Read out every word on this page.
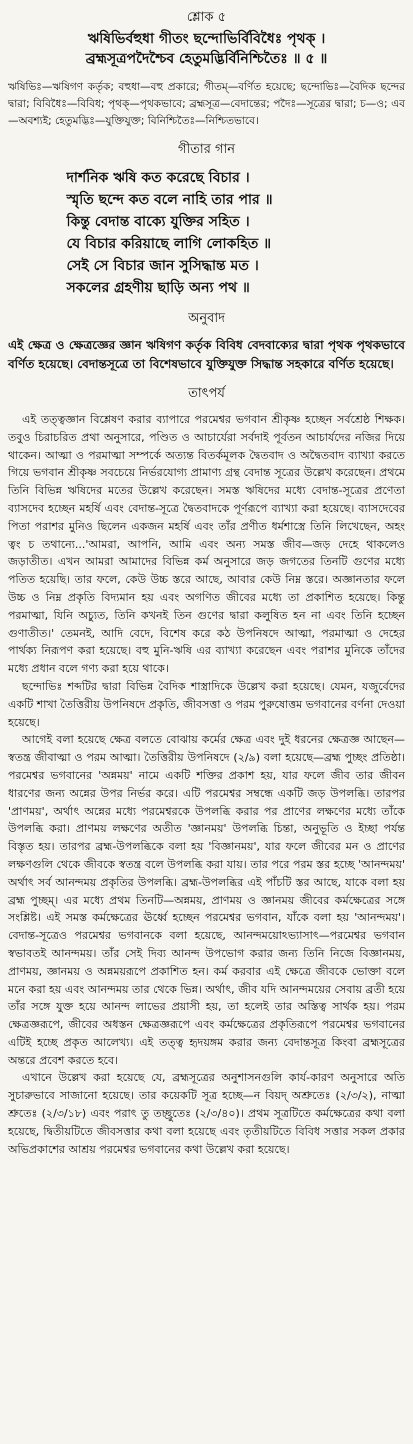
শ্লোক ৫
ঋষিভির্বহুধা গীতং ছন্দোভির্বিবিধৈঃ পৃথক্ ।
ব্রহ্মসূত্রপদৈশ্চৈব হেতুমদ্ভির্বিনিশ্চিতৈঃ ॥ ৫ ॥

ঋষিভিঃ—ঋষিগণ কর্তৃক; বহুধা—বহু প্রকারে; গীতম্—বর্ণিত হয়েছে; ছন্দোভিঃ—বৈদিক ছন্দের দ্বারা; বিবিধৈঃ—বিবিধ; পৃথক্—পৃথকভাবে; ব্রহ্মসূত্র—বেদান্তের; পদৈঃ—সূত্রের দ্বারা; চ—ও; এব—অবশ্যই; হেতুমদ্ভিঃ—যুক্তিযুক্ত; বিনিশ্চিতৈঃ—নিশ্চিতভাবে।

গীতার গান
দার্শনিক ঋষি কত করেছে বিচার ।
স্মৃতি ছন্দে কত বলে নাহি তার পার ॥
কিন্তু বেদান্ত বাক্যে যুক্তির সহিত ।
যে বিচার করিয়াছে লাগি লোকহিত ॥
সেই সে বিচার জান সুসিদ্ধান্ত মত ।
সকলের গ্রহণীয় ছাড়ি অন্য পথ ॥
অনুবাদ
এই ক্ষেত্র ও ক্ষেত্রজ্ঞের জ্ঞান ঋষিগণ কর্তৃক বিবিধ বেদবাক্যের দ্বারা পৃথক পৃথকভাবে বর্ণিত হয়েছে। বেদান্তসূত্রে তা বিশেষভাবে যুক্তিযুক্ত সিদ্ধান্ত সহকারে বর্ণিত হয়েছে।
তাৎপর্য

এই তত্ত্বজ্ঞান বিশ্লেষণ করার ব্যাপারে পরমেশ্বর ভগবান শ্রীকৃষ্ণ হচ্ছেন সর্বশ্রেষ্ঠ শিক্ষক। তবুও চিরাচরিত প্রথা অনুসারে, পণ্ডিত ও আচার্যেরা সর্বদাই পূর্বতন আচার্যদের নজির দিয়ে থাকেন। আত্মা ও পরমাত্মা সম্পর্কে অত্যন্ত বিতর্কমূলক দ্বৈতবাদ ও অদ্বৈতবাদ ব্যাখ্যা করতে গিয়ে ভগবান শ্রীকৃষ্ণ সবচেয়ে নির্ভরযোগ্য প্রামাণ্য গ্রন্থ বেদান্ত সূত্রের উল্লেখ করেছেন। প্রথমে তিনি বিভিন্ন ঋষিদের মতের উল্লেখ করেছেন। সমস্ত ঋষিদের মধ্যে বেদান্ত-সূত্রের প্রণেতা ব্যাসদেব হচ্ছেন মহর্ষি এবং বেদান্ত-সূত্রে দ্বৈতবাদকে পূর্ণরূপে ব্যাখ্যা করা হয়েছে। ব্যাসদেবের পিতা পরাশর মুনিও ছিলেন একজন মহর্ষি এবং তাঁর প্রণীত ধর্মশাস্ত্রে তিনি লিখেছেন, অহং ত্বং চ তথান্যে...'আমরা, আপনি, আমি এবং অন্য সমস্ত জীব—জড় দেহে থাকলেও জড়াতীত। এখন আমরা আমাদের বিভিন্ন কর্ম অনুসারে জড় জগতের তিনটি গুণের মধ্যে পতিত হয়েছি। তার ফলে, কেউ উচ্চ স্তরে আছে, আবার কেউ নিম্ন স্তরে। অজ্ঞানতার ফলে উচ্চ ও নিম্ন প্রকৃতি বিদ্যমান হয় এবং অগণিত জীবের মধ্যে তা প্রকাশিত হয়েছে। কিন্তু পরমাত্মা, যিনি অচ্যুত, তিনি কখনই তিন গুণের দ্বারা কলুষিত হন না এবং তিনি হচ্ছেন গুণাতীত।' তেমনই, আদি বেদে, বিশেষ করে কঠ উপনিষদে আত্মা, পরমাত্মা ও দেহের পার্থক্য নিরূপণ করা হয়েছে। বহু মুনি-ঋষি এর ব্যাখ্যা করেছেন এবং পরাশর মুনিকে তাঁদের মধ্যে প্রধান বলে গণ্য করা হয়ে থাকে।

ছন্দোভিঃ শব্দটির দ্বারা বিভিন্ন বৈদিক শাস্ত্রাদিকে উল্লেখ করা হয়েছে। যেমন, যজুর্বেদের একটি শাখা তৈত্তিরীয় উপনিষদে প্রকৃতি, জীবসত্তা ও পরম পুরুষোত্তম ভগবানের বর্ণনা দেওয়া হয়েছে।

আগেই বলা হয়েছে ক্ষেত্র বলতে বোঝায় কর্মের ক্ষেত্র এবং দুই ধরনের ক্ষেত্রজ্ঞ আছেন—স্বতন্ত্র জীবাত্মা ও পরম আত্মা। তৈত্তিরীয় উপনিষদে (২/৯) বলা হয়েছে—ব্রহ্ম পুচ্ছং প্রতিষ্ঠা। পরমেশ্বর ভগবানের 'অন্নময়' নামে একটি শক্তির প্রকাশ হয়, যার ফলে জীব তার জীবন ধারণের জন্য অন্নের উপর নির্ভর করে। এটি পরমেশ্বর সম্বন্ধে একটি জড় উপলব্ধি। তারপর 'প্রাণময়', অর্থাৎ অন্নের মধ্যে পরমেশ্বরকে উপলব্ধি করার পর প্রাণের লক্ষণের মধ্যে তাঁকে উপলব্ধি করা। প্রাণময় লক্ষণের অতীত 'জ্ঞানময়' উপলব্ধি চিন্তা, অনুভূতি ও ইচ্ছা পর্যন্ত বিস্তৃত হয়। তারপর ব্রহ্ম-উপলব্ধিকে বলা হয় 'বিজ্ঞানময়', যার ফলে জীবের মন ও প্রাণের লক্ষণগুলি থেকে জীবকে স্বতন্ত্র বলে উপলব্ধি করা যায়। তার পরে পরম স্তর হচ্ছে 'আনন্দময়' অর্থাৎ সর্ব আনন্দময় প্রকৃতির উপলব্ধি। ব্রহ্ম-উপলব্ধির এই পাঁচটি স্তর আছে, যাকে বলা হয় ব্রহ্ম পুচ্ছম্। এর মধ্যে প্রথম তিনটি—অন্নময়, প্রাণময় ও জ্ঞানময় জীবের কর্মক্ষেত্রের সঙ্গে সংশ্লিষ্ট। এই সমস্ত কর্মক্ষেত্রের ঊর্ধ্বে হচ্ছেন পরমেশ্বর ভগবান, যাঁকে বলা হয় 'আনন্দময়'। বেদান্ত-সূত্রেও পরমেশ্বর ভগবানকে বলা হয়েছে, আনন্দময়োঽভ্যাসাৎ—পরমেশ্বর ভগবান স্বভাবতই আনন্দময়। তাঁর সেই দিব্য আনন্দ উপভোগ করার জন্য তিনি নিজে বিজ্ঞানময়, প্রাণময়, জ্ঞানময় ও অন্নময়রূপে প্রকাশিত হন। কর্ম করবার এই ক্ষেত্রে জীবকে ভোক্তা বলে মনে করা হয় এবং আনন্দময় তার থেকে ভিন্ন। অর্থাৎ, জীব যদি আনন্দময়ের সেবায় ব্রতী হয়ে তাঁর সঙ্গে যুক্ত হয়ে আনন্দ লাভের প্রয়াসী হয়, তা হলেই তার অস্তিত্ব সার্থক হয়। পরম ক্ষেত্রজ্ঞরূপে, জীবের অধস্তন ক্ষেত্রজ্ঞরূপে এবং কর্মক্ষেত্রের প্রকৃতিরূপে পরমেশ্বর ভগবানের এটিই হচ্ছে প্রকৃত আলেখ্য। এই তত্ত্ব হৃদয়ঙ্গম করার জন্য বেদান্তসূত্র কিংবা ব্রহ্মসূত্রের অন্তরে প্রবেশ করতে হবে।

এখানে উল্লেখ করা হয়েছে যে, ব্রহ্মসূত্রের অনুশাসনগুলি কার্য-কারণ অনুসারে অতি সুচারুভাবে সাজানো হয়েছে। তার কয়েকটি সূত্র হচ্ছে—ন বিয়দ্ অশ্রুতেঃ (২/৩/২), নাত্মা শ্রুতেঃ (২/৩/১৮) এবং পরাৎ তু তচ্ছ্রুতেঃ (২/৩/৪০)। প্রথম সূত্রটিতে কর্মক্ষেত্রের কথা বলা হয়েছে, দ্বিতীয়টিতে জীবসত্তার কথা বলা হয়েছে এবং তৃতীয়টিতে বিবিধ সত্তার সকল প্রকার অভিপ্রকাশের আশ্রয় পরমেশ্বর ভগবানের কথা উল্লেখ করা হয়েছে।
